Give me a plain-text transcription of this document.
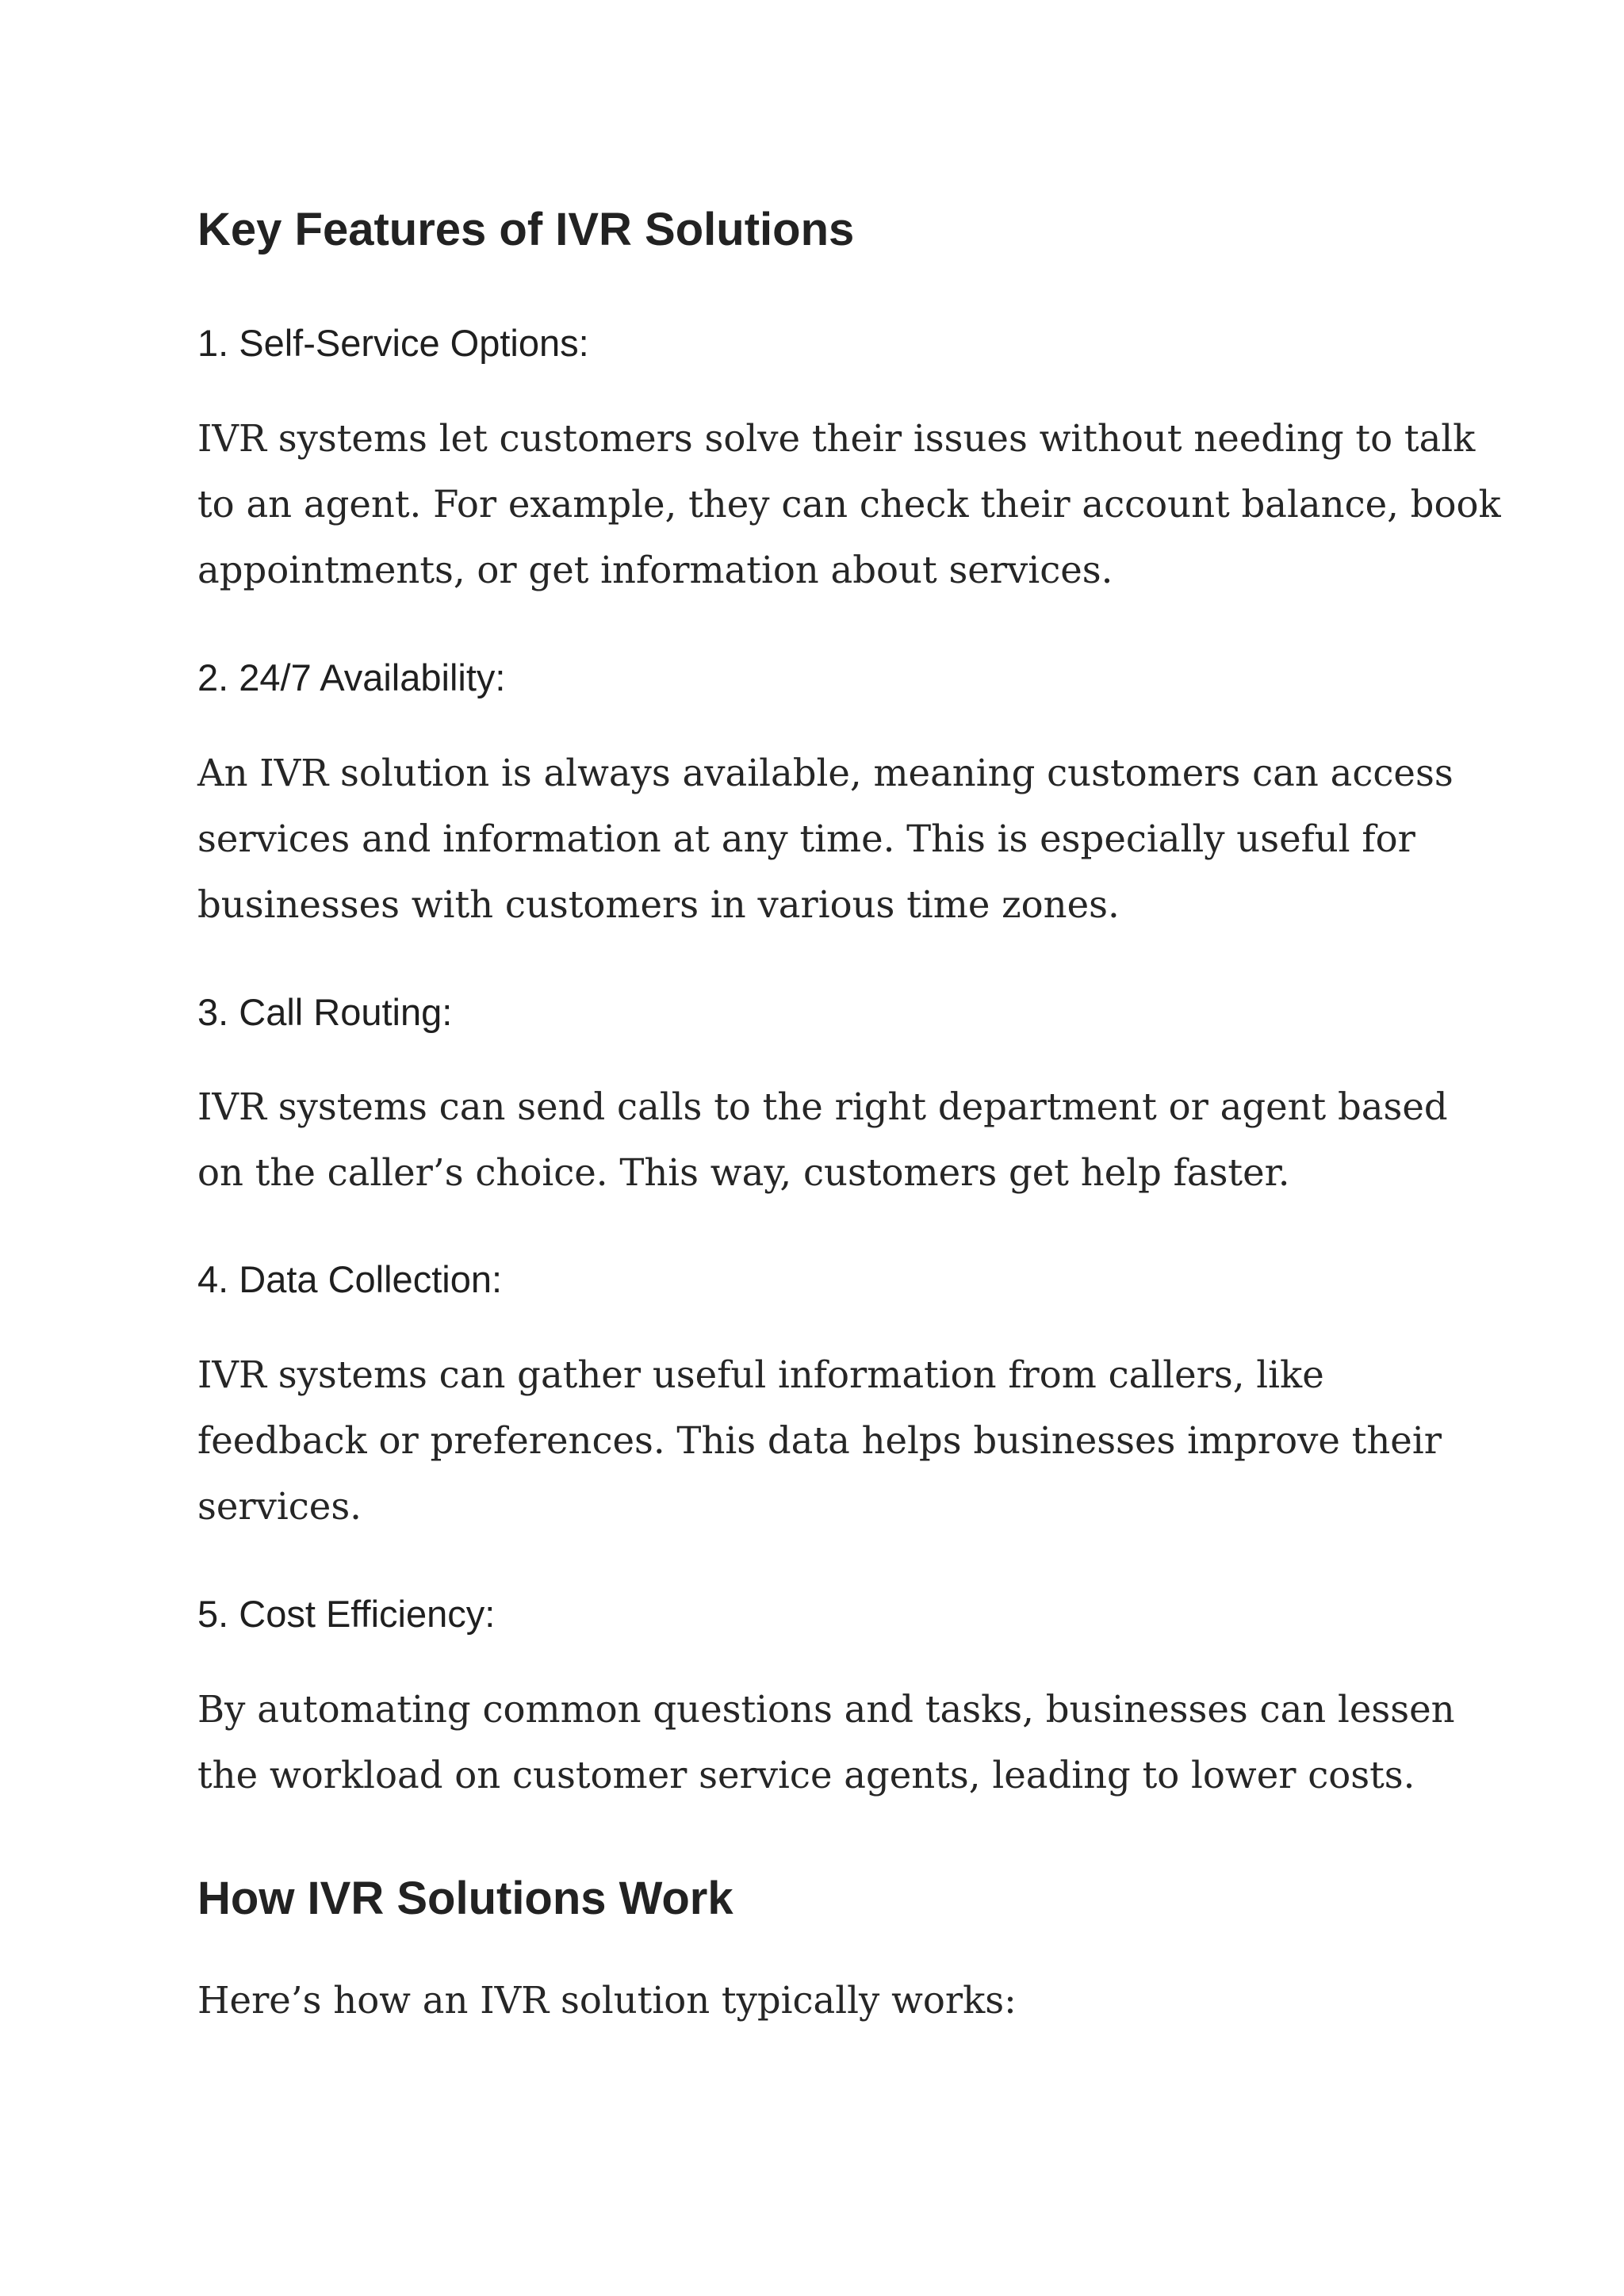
Key Features of IVR Solutions
1. Self-Service Options:
IVR systems let customers solve their issues without needing to talk
to an agent. For example, they can check their account balance, book
appointments, or get information about services.
2. 24/7 Availability:
An IVR solution is always available, meaning customers can access
services and information at any time. This is especially useful for
businesses with customers in various time zones.
3. Call Routing:
IVR systems can send calls to the right department or agent based
on the caller’s choice. This way, customers get help faster.
4. Data Collection:
IVR systems can gather useful information from callers, like
feedback or preferences. This data helps businesses improve their
services.
5. Cost Efficiency:
By automating common questions and tasks, businesses can lessen
the workload on customer service agents, leading to lower costs.
How IVR Solutions Work
Here’s how an IVR solution typically works:
